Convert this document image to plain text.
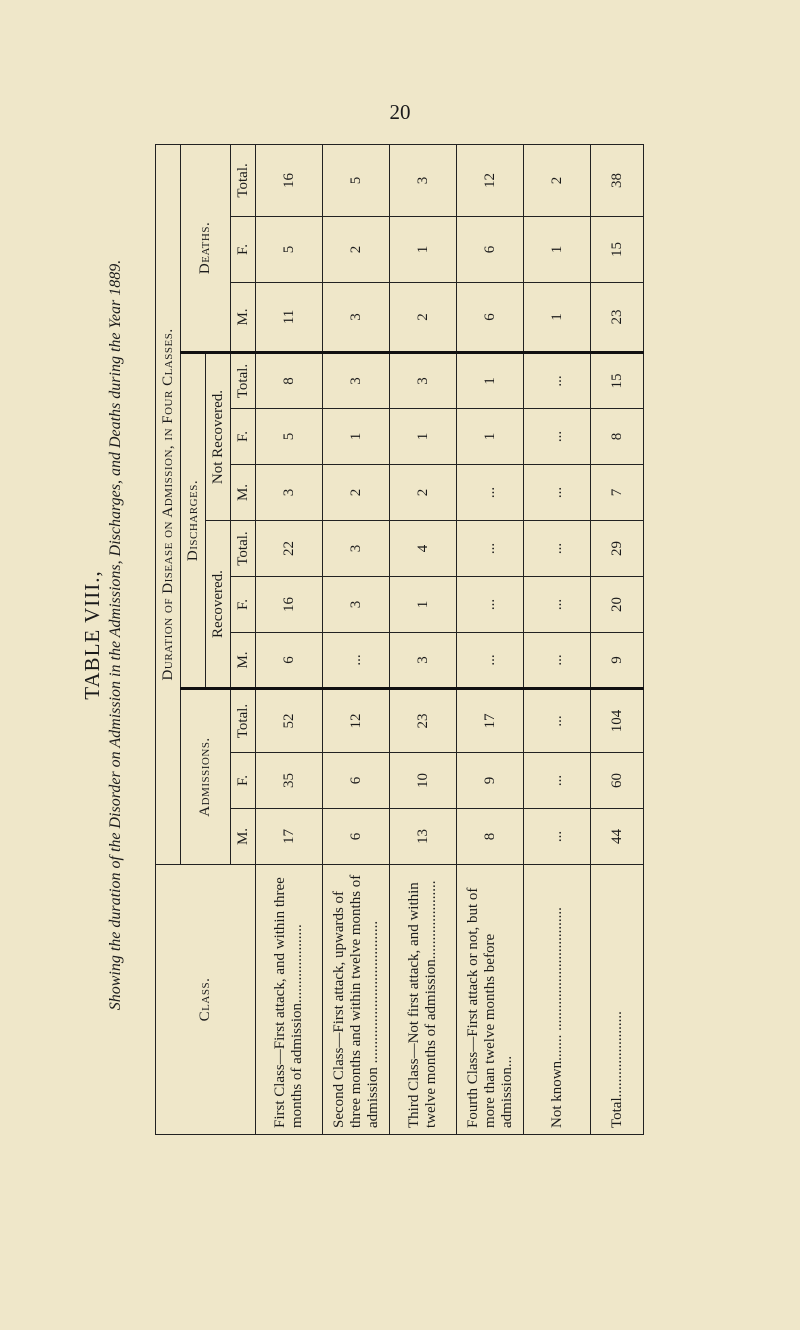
20
TABLE VIII., Showing the duration of the Disorder on Admission in the Admissions, Discharges, and Deaths during the Year 1889.	Class.	Duration of Disease on Admission, in Four Classes.											
	Admissions.			Discharges.						Deaths.		
				Recovered.			Not Recovered.					
	M.	F.	Total.	M.	F.	Total.	M.	F.	Total.	M.	F.	Total.
First Class—First attack, and within three months of admission.....................	17	35	52	6	16	22	3	5	8	11	5	16
Second Class—First attack, upwards of three months and within twelve months of admission ......................................	6	6	12	...	3	3	2	1	3	3	2	5
Third Class—Not first attack, and within twelve months of admission.....................	13	10	23	3	1	4	2	1	3	2	1	3
Fourth Class—First attack or not, but of more than twelve months before admission...	8	9	17	...	...	...	...	1	1	6	6	12
Not known....... .................................	...	...	...	...	...	...	...	...	...	1	1	2
Total.......................	44	60	104	9	20	29	7	8	15	23	15	38
